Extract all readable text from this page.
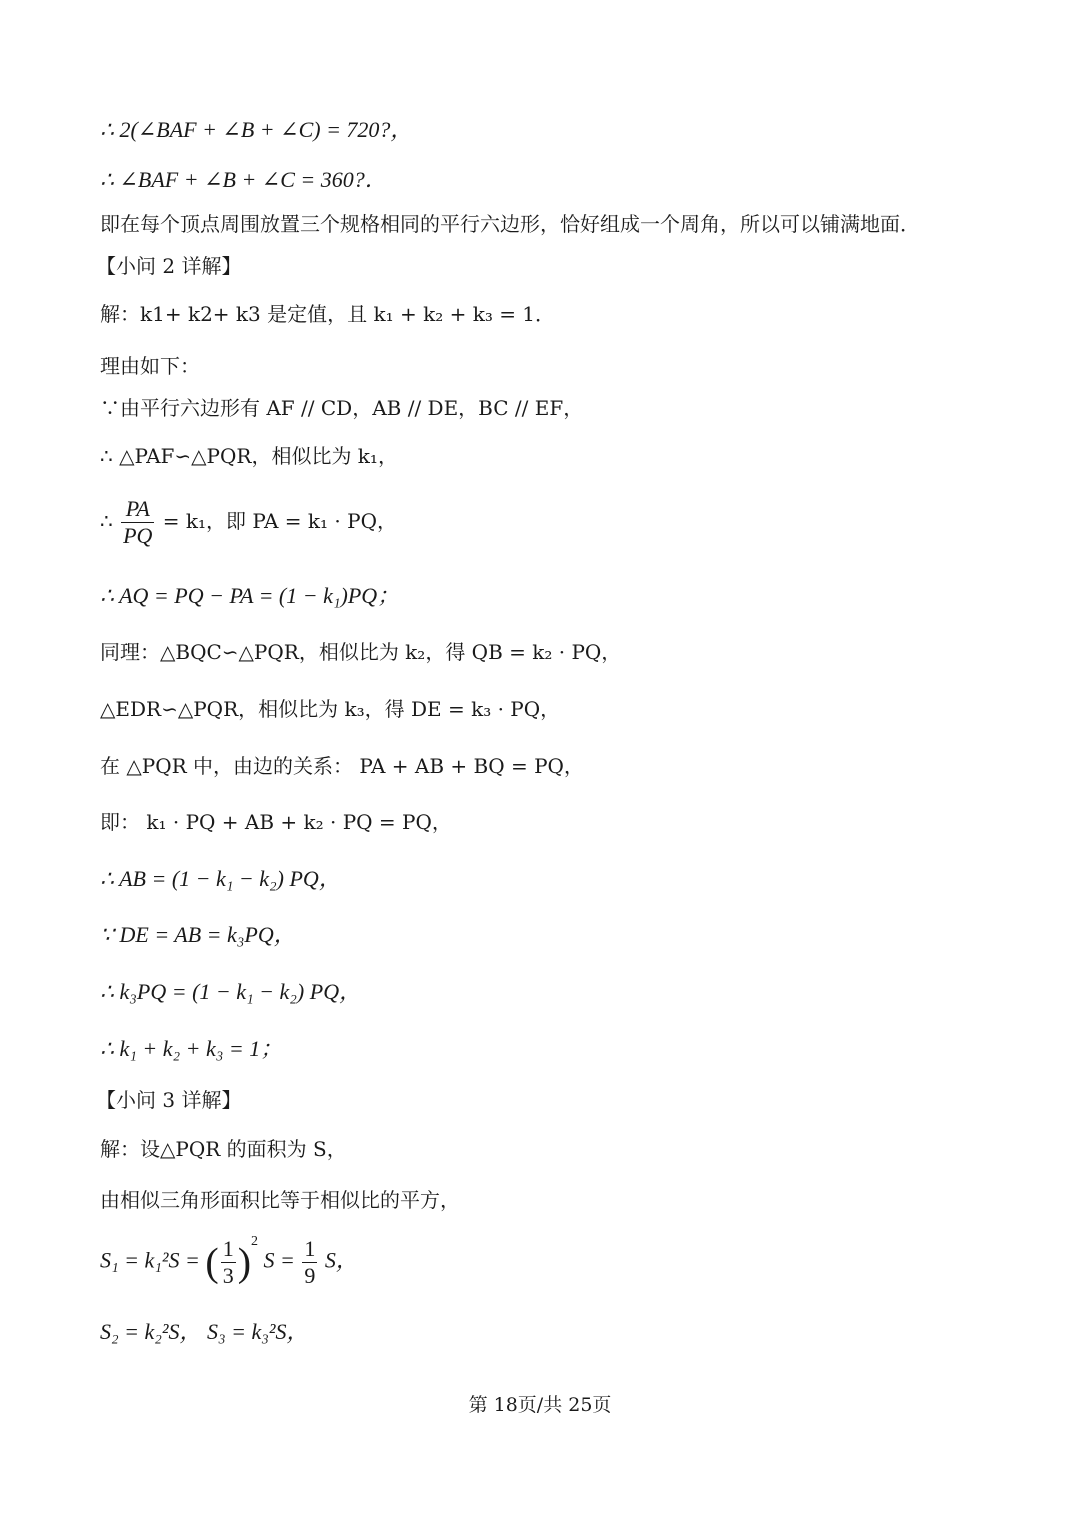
∴ 2(∠BAF + ∠B + ∠C) = 720?，
∴ ∠BAF + ∠B + ∠C = 360?．
即在每个顶点周围放置三个规格相同的平行六边形，恰好组成一个周角，所以可以铺满地面．
【小问 2 详解】
解：k1+ k2+ k3 是定值，且 k₁ + k₂ + k₃ = 1．
理由如下：
∵由平行六边形有 AF // CD，AB // DE，BC // EF，
∴ △PAF∽△PQR，相似比为 k₁，
∴ $\frac{PA}{PQ} = k_1$，即 PA = k₁ · PQ，
∴ AQ = PQ − PA = (1 − k₁)PQ；
同理：△BQC∽△PQR，相似比为 k₂，得 QB = k₂ · PQ，
△EDR∽△PQR，相似比为 k₃，得 DE = k₃ · PQ，
在 △PQR 中，由边的关系： PA + AB + BQ = PQ，
即： k₁ · PQ + AB + k₂ · PQ = PQ，
∴ AB = (1 − k₁ − k₂) PQ，
∵ DE = AB = k₃PQ，
∴ k₃PQ = (1 − k₁ − k₂) PQ，
∴ k₁ + k₂ + k₃ = 1；
【小问 3 详解】
解：设△PQR 的面积为 S，
由相似三角形面积比等于相似比的平方，
S₁ = k₁²S = ( $\frac{1}{3} )^2$ $S = \frac{1}{9}$ S，
S₂ = k₂²S， S₃ = k₃²S，
第 18页/共 25页
